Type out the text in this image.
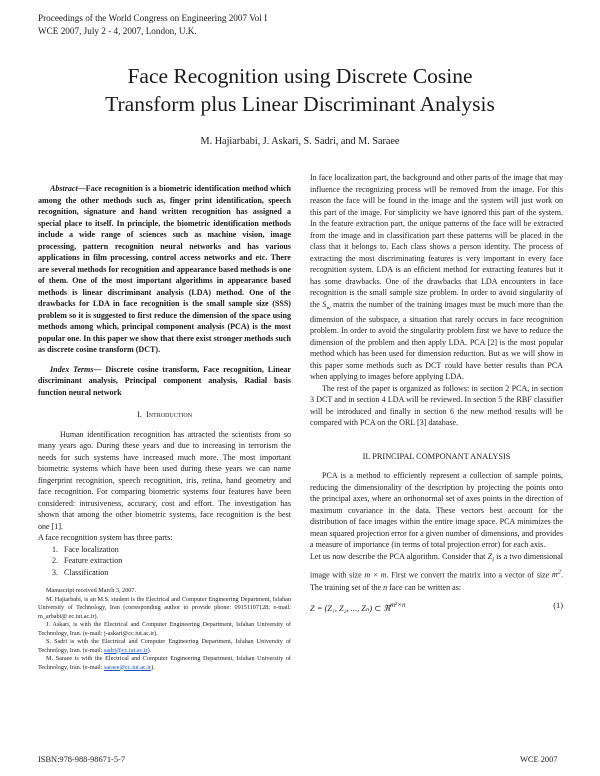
Proceedings of the World Congress on Engineering 2007 Vol I
WCE 2007, July 2 - 4, 2007, London, U.K.
Face Recognition using Discrete Cosine
Transform plus Linear Discriminant Analysis
M. Hajiarbabi, J. Askari, S. Sadri, and M. Saraee

Abstract—Face recognition is a biometric identification method which among the other methods such as, finger print identification, speech recognition, signature and hand written recognition has assigned a special place to itself. In principle, the biometric identification methods include a wide range of sciences such as machine vision, image processing, pattern recognition neural networks and has various applications in film processing, control access networks and etc. There are several methods for recognition and appearance based methods is one of them. One of the most important algorithms in appearance based methods is linear discriminant analysis (LDA) method. One of the drawbacks for LDA in face recognition is the small sample size (SSS) problem so it is suggested to first reduce the dimension of the space using methods among which, principal component analysis (PCA) is the most popular one. In this paper we show that there exist stronger methods such as discrete cosine transform (DCT).

Index Terms— Discrete cosine transform, Face recognition, Linear discriminant analysis, Principal component analysis, Radial basis function neural network

I. Introduction

Human identification recognition has attracted the scientists from so many years ago. During these years and due to increasing in terrorism the needs for such systems have increased much more. The most important biometric systems which have been used during these years we can name fingerprint recognition, speech recognition, iris, retina, hand geometry and face recognition. For comparing biometric systems four features have been considered: intrusiveness, accuracy, cost and effort. The investigation has shown that among the other biometric systems, face recognition is the best one [1].

A face recognition system has three parts:

1. Face localization
2. Feature extraction
3. Classification

Manuscript received March 3, 2007.

M. Hajiarbabi, is an M.S. student is the Electrical and Computer Engineering Department, Isfahan University of Technology, Iran (corresponding author to provide phone: 09151107128; e-mail: m_arbabi@ ec.iut.ac.ir).

J. Askari, is with the Electrical and Computer Engineering Department, Isfahan University of Technology, Iran. (e-mail: j-askari@cc.iut.ac.ir).

S. Sadri is with the Electrical and Computer Engineering Department, Isfahan University of Technology, Iran. (e-mail: sadri@cc.iut.ac.ir).

M. Saraee is with the Electrical and Computer Engineering Department, Isfahan University of Technology, Iran. (e-mail: saraee@cc.iut.ac.ir).

In face localization part, the background and other parts of the image that may influence the recognizing process will be removed from the image. For this reason the face will be found in the image and the system will just work on this part of the image. For simplicity we have ignored this part of the system. In the feature extraction part, the unique patterns of the face will be extracted from the image and in classification part these patterns will be placed in the class that it belongs to. Each class shows a person identity. The process of extracting the most discriminating features is very important in every face recognition system. LDA is an efficient method for extracting features but it has some drawbacks. One of the drawbacks that LDA encounters in face recognition is the small sample size problem. In order to avoid singularity of the $S_w$ matrix the number of the training images must be much more than the dimension of the subspace, a situation that rarely occurs in face recognition problem. In order to avoid the singularity problem first we have to reduce the dimension of the problem and then apply LDA. PCA [2] is the most popular method which has been used for dimension reduction. But as we will show in this paper some methods such as DCT could have better results than PCA when applying to images before applying LDA.

The rest of the paper is organized as follows: in section 2 PCA, in section 3 DCT and in section 4 LDA will be reviewed. In section 5 the RBF classifier will be introduced and finally in section 6 the new method results will be compared with PCA on the ORL [3] database.

II. PRINCIPAL COMPONANT ANALYSIS

PCA is a method to efficiently represent a collection of sample points, reducing the dimensionality of the description by projecting the points onto the principal axes, where an orthonormal set of axes points in the direction of maximum covariance in the data. These vectors best account for the distribution of face images within the entire image space. PCA minimizes the mean squared projection error for a given number of dimensions, and provides a measure of importance (in terms of total projection error) for each axis.

Let us now describe the PCA algorithm. Consider that $Z_i$ is a two dimensional image with size m × m. First we convert the matrix into a vector of size $m^2$. The training set of the n face can be written as:

Z = (Z₁, Z₂, ..., Zₙ) ⊂ ℜ$^{m^2\times n}$	(1)
ISBN:978-988-98671-5-7	WCE 2007
